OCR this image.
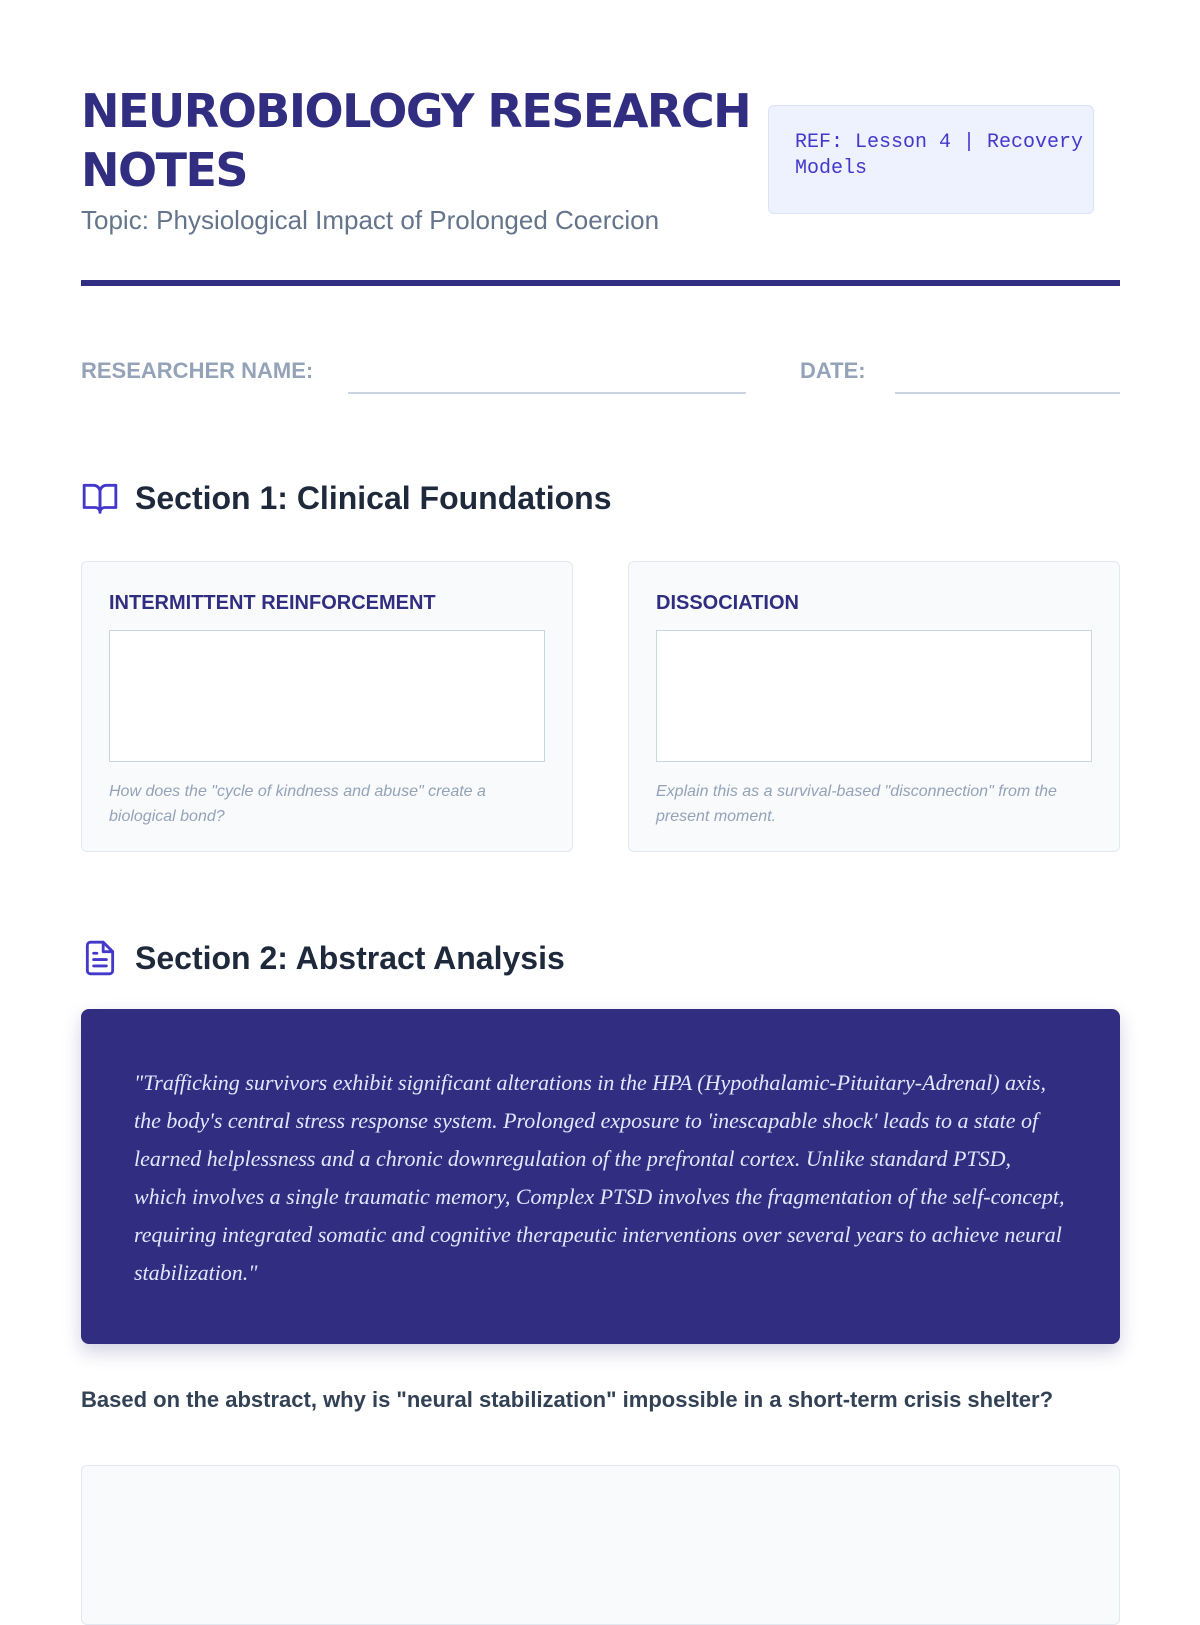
NEUROBIOLOGY RESEARCH NOTES

Topic: Physiological Impact of Prolonged Coercion

REF: Lesson 4 | Recovery Models
RESEARCHER NAME:	DATE:
Section 1: Clinical Foundations
INTERMITTENT REINFORCEMENT
How does the "cycle of kindness and abuse" create a biological bond?
DISSOCIATION
Explain this as a survival-based "disconnection" from the present moment.
Section 2: Abstract Analysis

"Trafficking survivors exhibit significant alterations in the HPA (Hypothalamic-Pituitary-Adrenal) axis, the body's central stress response system. Prolonged exposure to 'inescapable shock' leads to a state of learned helplessness and a chronic downregulation of the prefrontal cortex. Unlike standard PTSD, which involves a single traumatic memory, Complex PTSD involves the fragmentation of the self-concept, requiring integrated somatic and cognitive therapeutic interventions over several years to achieve neural stabilization."

Based on the abstract, why is "neural stabilization" impossible in a short-term crisis shelter?
